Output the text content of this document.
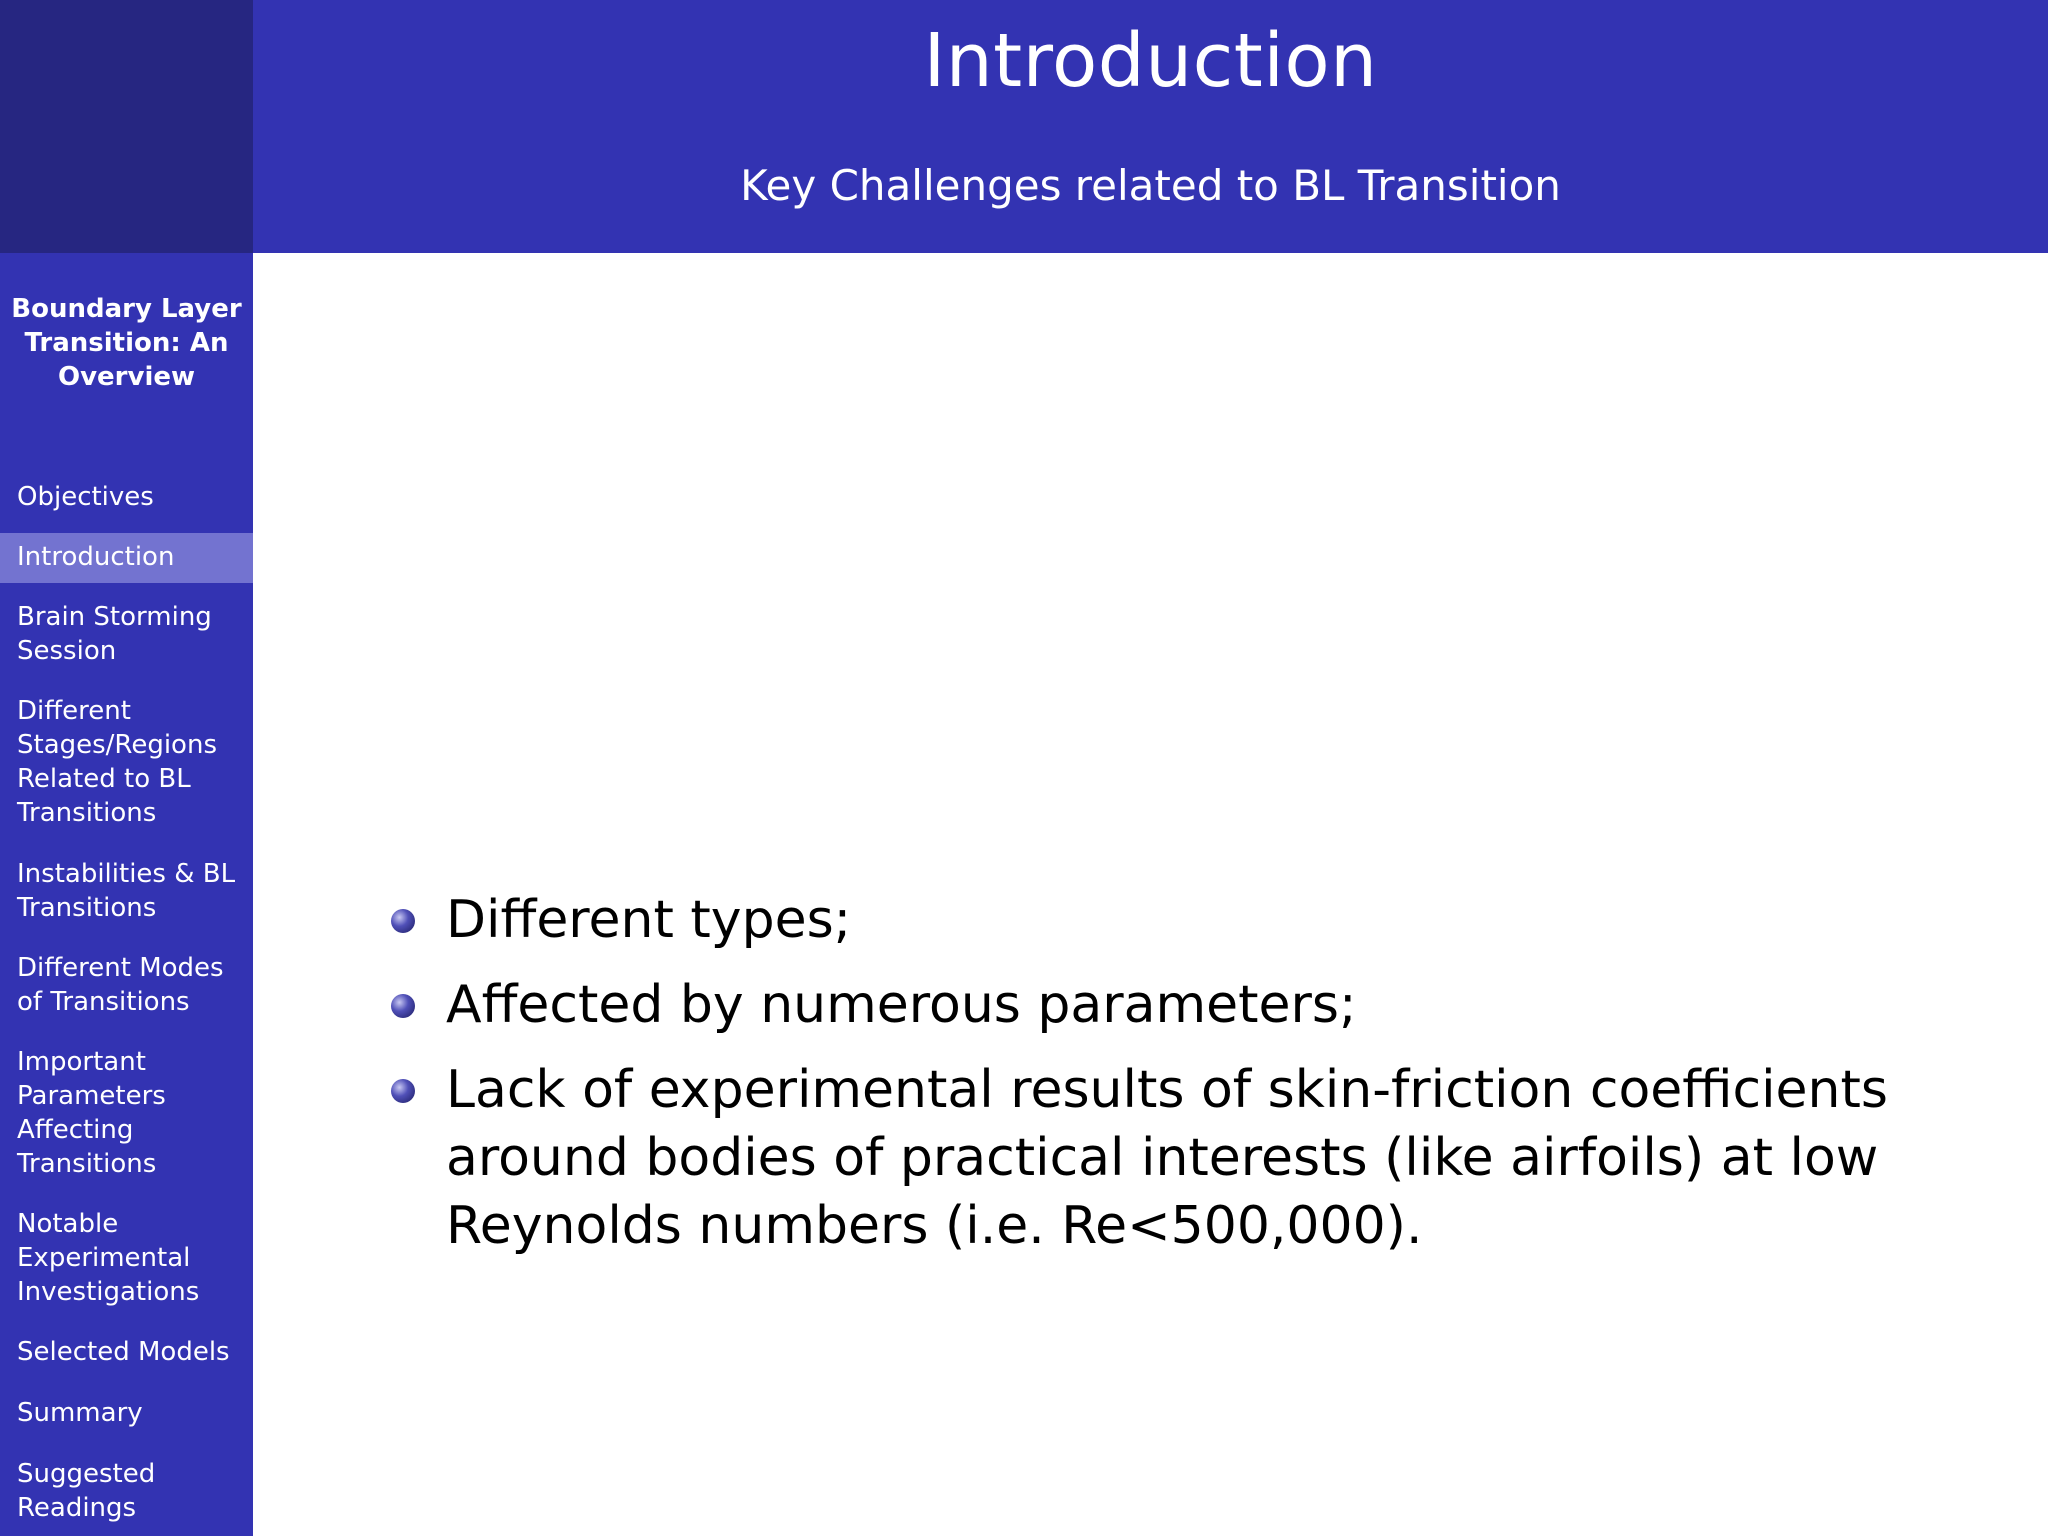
Introduction
Key Challenges related to BL Transition
Boundary Layer Transition: An Overview
Objectives
Introduction
Brain Storming Session
Different Stages/Regions Related to BL Transitions
Instabilities & BL Transitions
Different Modes of Transitions
Important Parameters Affecting Transitions
Notable Experimental Investigations
Selected Models
Summary
Suggested Readings
Different types;
Affected by numerous parameters;
Lack of experimental results of skin-friction coefficients around bodies of practical interests (like airfoils) at low Reynolds numbers (i.e. Re<500,000).
